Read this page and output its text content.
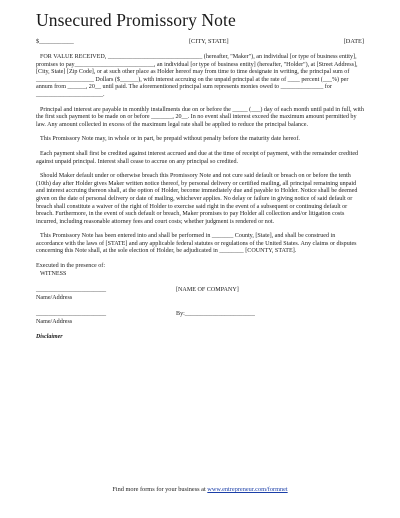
Unsecured Promissory Note
$___________	[CITY, STATE]	[DATE]

FOR VALUE RECEIVED, _______________________________ (hereafter, "Maker"), an individual [or type of business entity], promises to pay__________________________, an individual [or type of business entity] (hereafter, "Holder"), at [Street Address], [City, State] [Zip Code], or at such other place as Holder hereof may from time to time designate in writing, the principal sum of ___________________ Dollars ($______), with interest accruing on the unpaid principal at the rate of ____ percent (___%) per annum from ______, 20__ until paid. The aforementioned principal sum represents monies owed to ______________ for ______________________.

Principal and interest are payable in monthly installments due on or before the _____ (___) day of each month until paid in full, with the first such payment to be made on or before _______, 20__. In no event shall interest exceed the maximum amount permitted by law. Any amount collected in excess of the maximum legal rate shall be applied to reduce the principal balance.

This Promissory Note may, in whole or in part, be prepaid without penalty before the maturity date hereof.

Each payment shall first be credited against interest accrued and due at the time of receipt of payment, with the remainder credited against unpaid principal. Interest shall cease to accrue on any principal so credited.

Should Maker default under or otherwise breach this Promissory Note and not cure said default or breach on or before the tenth (10th) day after Holder gives Maker written notice thereof, by personal delivery or certified mailing, all principal remaining unpaid and interest accruing thereon shall, at the option of Holder, become immediately due and payable to Holder. Notice shall be deemed given on the date of personal delivery or date of mailing, whichever applies. No delay or failure in giving notice of said default or breach shall constitute a waiver of the right of Holder to exercise said right in the event of a subsequent or continuing default or breach. Furthermore, in the event of such default or breach, Maker promises to pay Holder all collection and/or litigation costs incurred, including reasonable attorney fees and court costs; whether judgment is rendered or not.

This Promissory Note has been entered into and shall be performed in _______ County, [State], and shall be construed in accordance with the laws of [STATE] and any applicable federal statutes or regulations of the United States. Any claims or disputes concerning this Note shall, at the sole election of Holder, be adjudicated in ________ [COUNTY, STATE].

Executed in the presence of:
WITNESS
_______________________	[NAME OF COMPANY]
Name/Address
_______________________	By:_______________________
Name/Address
Disclaimer
Find more forms for your business at www.entrepreneur.com/formnet
